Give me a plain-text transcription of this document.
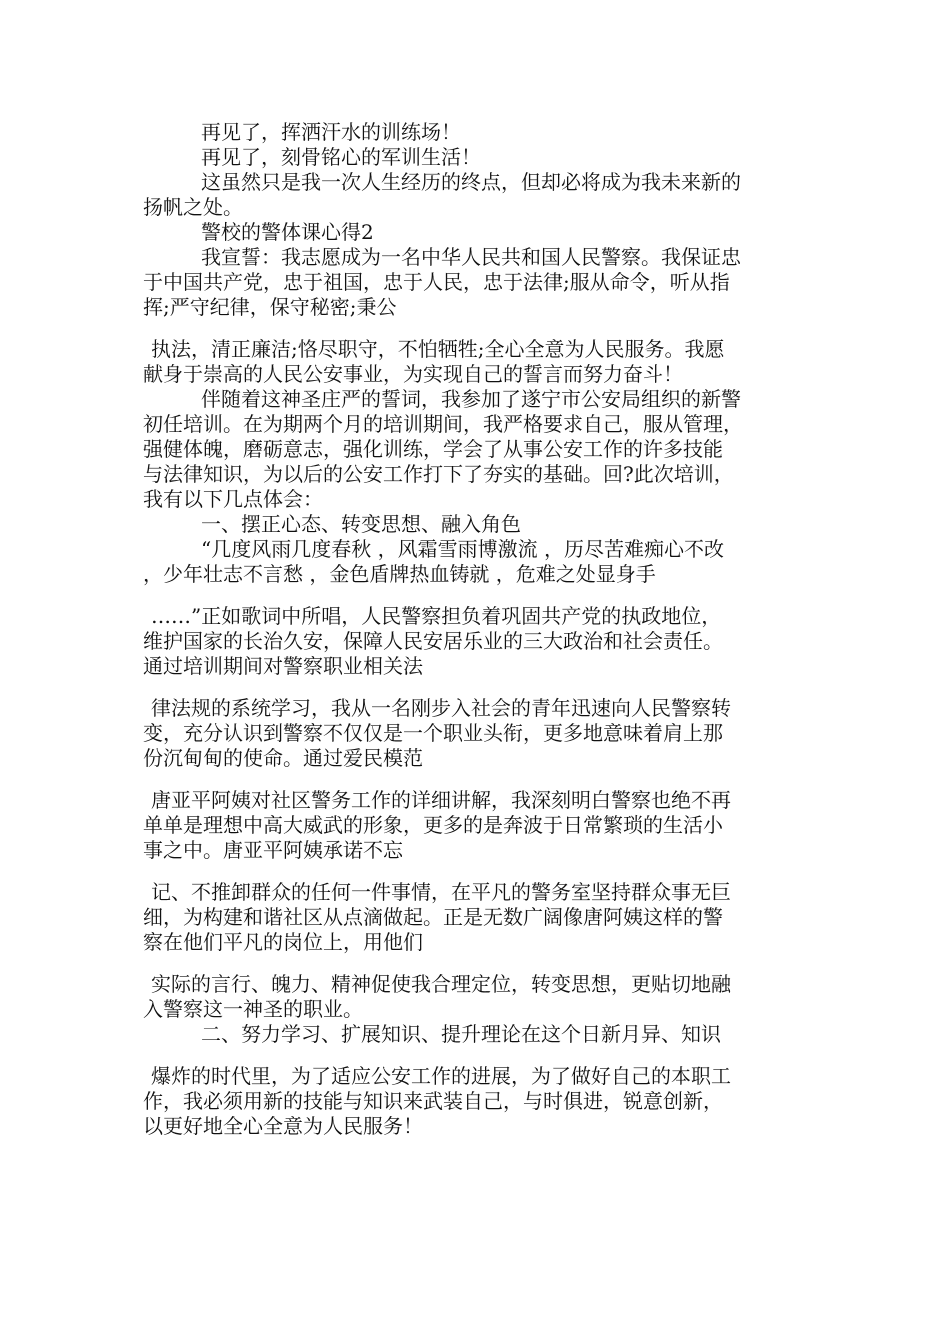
再见了，挥洒汗水的训练场！
再见了，刻骨铭心的军训生活！
这虽然只是我一次人生经历的终点，但却必将成为我未来新的
扬帆之处。
警校的警体课心得2
我宣誓：我志愿成为一名中华人民共和国人民警察。我保证忠
于中国共产党，忠于祖国，忠于人民，忠于法律;服从命令，听从指
挥;严守纪律，保守秘密;秉公
执法，清正廉洁;恪尽职守，不怕牺牲;全心全意为人民服务。我愿
献身于崇高的人民公安事业，为实现自己的誓言而努力奋斗！
伴随着这神圣庄严的誓词，我参加了遂宁市公安局组织的新警
初任培训。在为期两个月的培训期间，我严格要求自己，服从管理，
强健体魄，磨砺意志，强化训练，学会了从事公安工作的许多技能
与法律知识，为以后的公安工作打下了夯实的基础。回?此次培训，
我有以下几点体会：
一、摆正心态、转变思想、融入角色
“几度风雨几度春秋 ，风霜雪雨博激流 ，历尽苦难痴心不改
，少年壮志不言愁 ，金色盾牌热血铸就 ，危难之处显身手
……”正如歌词中所唱，人民警察担负着巩固共产党的执政地位，
维护国家的长治久安，保障人民安居乐业的三大政治和社会责任。
通过培训期间对警察职业相关法
律法规的系统学习，我从一名刚步入社会的青年迅速向人民警察转
变，充分认识到警察不仅仅是一个职业头衔，更多地意味着肩上那
份沉甸甸的使命。通过爱民模范
唐亚平阿姨对社区警务工作的详细讲解，我深刻明白警察也绝不再
单单是理想中高大威武的形象，更多的是奔波于日常繁琐的生活小
事之中。唐亚平阿姨承诺不忘
记、不推卸群众的任何一件事情，在平凡的警务室坚持群众事无巨
细，为构建和谐社区从点滴做起。正是无数广阔像唐阿姨这样的警
察在他们平凡的岗位上，用他们
实际的言行、魄力、精神促使我合理定位，转变思想，更贴切地融
入警察这一神圣的职业。
二、努力学习、扩展知识、提升理论在这个日新月异、知识
爆炸的时代里，为了适应公安工作的进展，为了做好自己的本职工
作，我必须用新的技能与知识来武装自己，与时俱进，锐意创新，
以更好地全心全意为人民服务！
